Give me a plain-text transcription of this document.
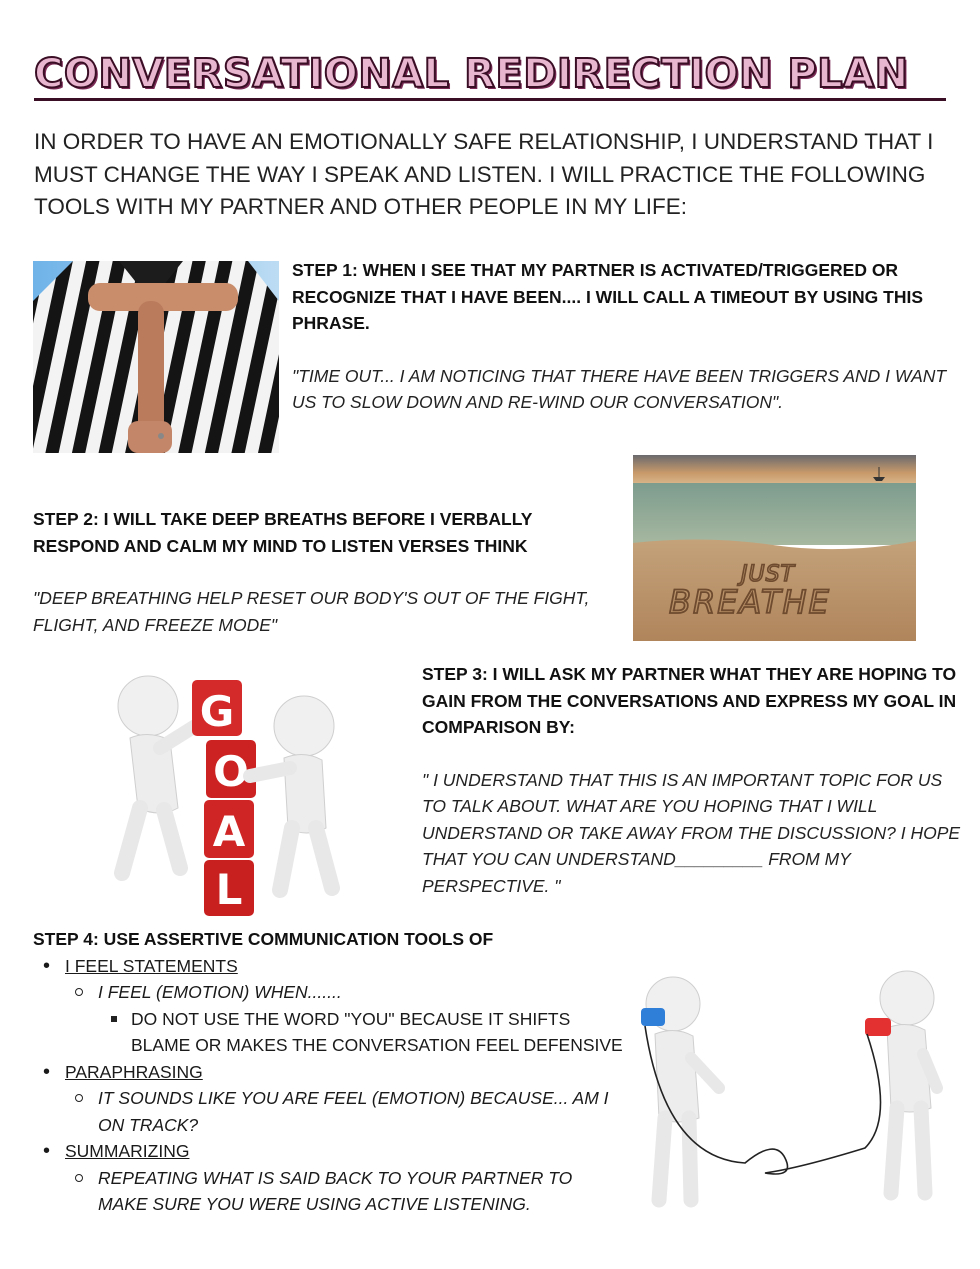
CONVERSATIONAL REDIRECTION PLAN
IN ORDER TO HAVE AN EMOTIONALLY SAFE RELATIONSHIP, I UNDERSTAND THAT I MUST CHANGE THE WAY I SPEAK AND LISTEN. I WILL PRACTICE THE FOLLOWING TOOLS WITH MY PARTNER AND OTHER PEOPLE IN MY LIFE:
STEP 1: WHEN I SEE THAT MY PARTNER IS ACTIVATED/TRIGGERED OR RECOGNIZE THAT I HAVE BEEN.... I WILL CALL A TIMEOUT BY USING THIS PHRASE.
"TIME OUT... I AM NOTICING THAT THERE HAVE BEEN TRIGGERS AND I WANT US TO SLOW DOWN AND RE-WIND OUR CONVERSATION".
JUST
BREATHE
STEP 2: I WILL TAKE DEEP BREATHS BEFORE I VERBALLY RESPOND AND CALM MY MIND TO LISTEN VERSES THINK
"DEEP BREATHING HELP RESET OUR BODY'S OUT OF THE FIGHT, FLIGHT, AND FREEZE MODE"
G
O
A
L
STEP 3: I WILL ASK MY PARTNER WHAT THEY ARE HOPING TO GAIN FROM THE CONVERSATIONS AND EXPRESS MY GOAL IN COMPARISON BY:
" I UNDERSTAND THAT THIS IS AN IMPORTANT TOPIC FOR US TO TALK ABOUT. WHAT ARE YOU HOPING THAT I WILL UNDERSTAND OR TAKE AWAY FROM THE DISCUSSION? I HOPE THAT YOU CAN UNDERSTAND_________ FROM MY PERSPECTIVE. "
STEP 4: USE ASSERTIVE COMMUNICATION TOOLS OF
• I FEEL STATEMENTS
I FEEL (EMOTION) WHEN.......
DO NOT USE THE WORD "YOU" BECAUSE IT SHIFTS BLAME OR MAKES THE CONVERSATION FEEL DEFENSIVE
• PARAPHRASING
IT SOUNDS LIKE YOU ARE FEEL (EMOTION) BECAUSE... AM I ON TRACK?
• SUMMARIZING
REPEATING WHAT IS SAID BACK TO YOUR PARTNER TO MAKE SURE YOU WERE USING ACTIVE LISTENING.
